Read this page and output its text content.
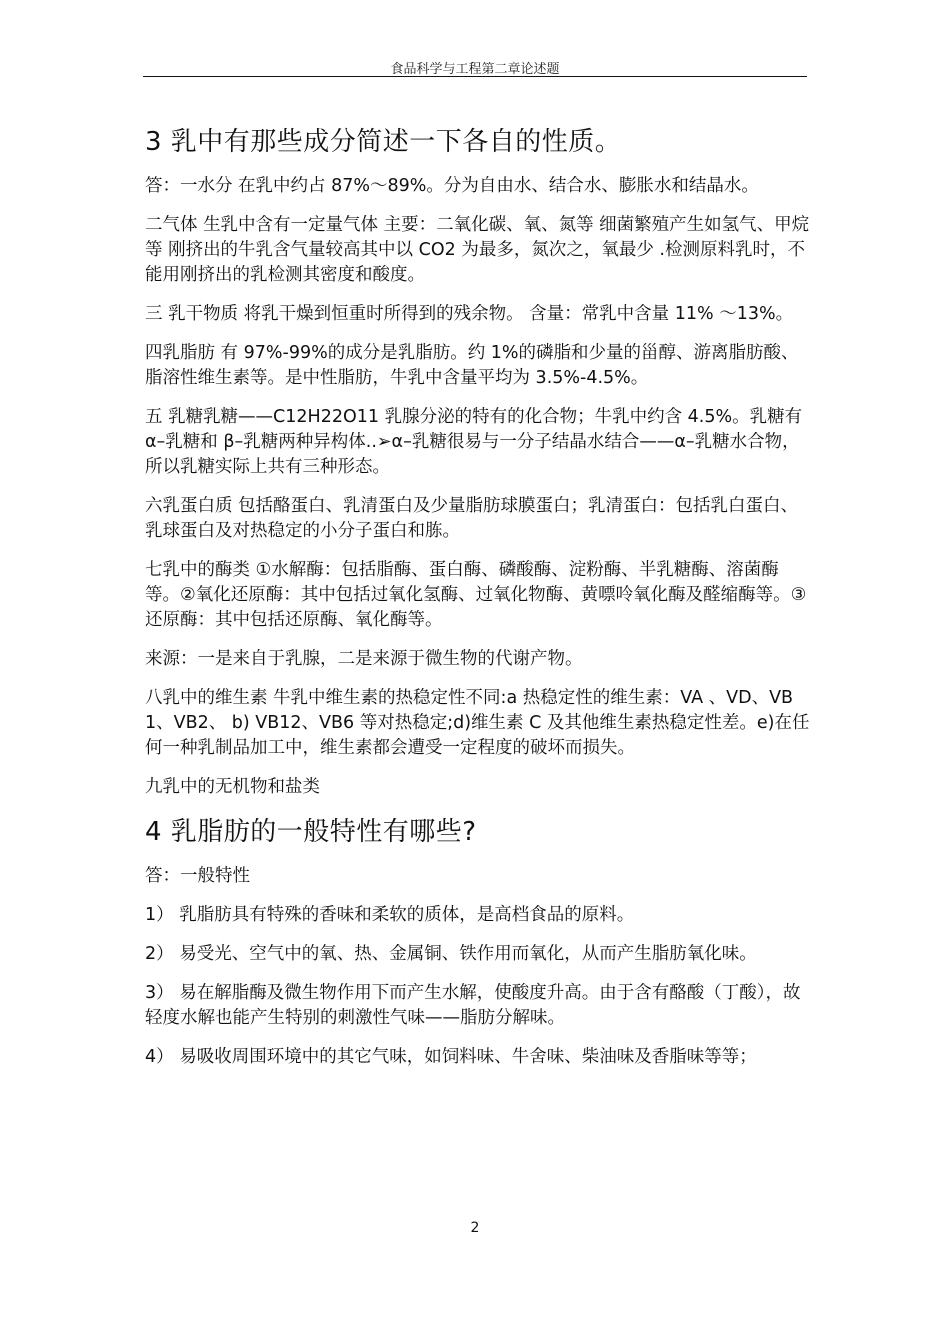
食品科学与工程第二章论述题
3 乳中有那些成分简述一下各自的性质。

答：一水分 在乳中约占 87%～89%。分为自由水、结合水、膨胀水和结晶水。

二气体 生乳中含有一定量气体 主要：二氧化碳、氧、氮等 细菌繁殖产生如氢气、甲烷等 刚挤出的牛乳含气量较高其中以 CO2 为最多，氮次之，氧最少 .检测原料乳时，不能用刚挤出的乳检测其密度和酸度。

三 乳干物质 将乳干燥到恒重时所得到的残余物。 含量：常乳中含量 11% ～13%。

四乳脂肪 有 97%-99%的成分是乳脂肪。约 1%的磷脂和少量的甾醇、游离脂肪酸、脂溶性维生素等。是中性脂肪，牛乳中含量平均为 3.5%-4.5%。

五 乳糖乳糖——C12H22O11 乳腺分泌的特有的化合物；牛乳中约含 4.5%。乳糖有 α–乳糖和 β–乳糖两种异构体..➢α–乳糖很易与一分子结晶水结合——α–乳糖水合物，所以乳糖实际上共有三种形态。

六乳蛋白质 包括酪蛋白、乳清蛋白及少量脂肪球膜蛋白；乳清蛋白：包括乳白蛋白、乳球蛋白及对热稳定的小分子蛋白和胨。

七乳中的酶类 ①水解酶：包括脂酶、蛋白酶、磷酸酶、淀粉酶、半乳糖酶、溶菌酶等。②氧化还原酶：其中包括过氧化氢酶、过氧化物酶、黄嘌呤氧化酶及醛缩酶等。③还原酶：其中包括还原酶、氧化酶等。

来源：一是来自于乳腺，二是来源于微生物的代谢产物。

八乳中的维生素 牛乳中维生素的热稳定性不同:a 热稳定性的维生素：VA 、VD、VB1、VB2、 b) VB12、VB6 等对热稳定;d)维生素 C 及其他维生素热稳定性差。e)在任何一种乳制品加工中，维生素都会遭受一定程度的破坏而损失。

九乳中的无机物和盐类

4 乳脂肪的一般特性有哪些?

答：一般特性

1） 乳脂肪具有特殊的香味和柔软的质体，是高档食品的原料。

2） 易受光、空气中的氧、热、金属铜、铁作用而氧化，从而产生脂肪氧化味。

3） 易在解脂酶及微生物作用下而产生水解，使酸度升高。由于含有酪酸（丁酸），故轻度水解也能产生特别的刺激性气味——脂肪分解味。

4） 易吸收周围环境中的其它气味，如饲料味、牛舍味、柴油味及香脂味等等；

2
